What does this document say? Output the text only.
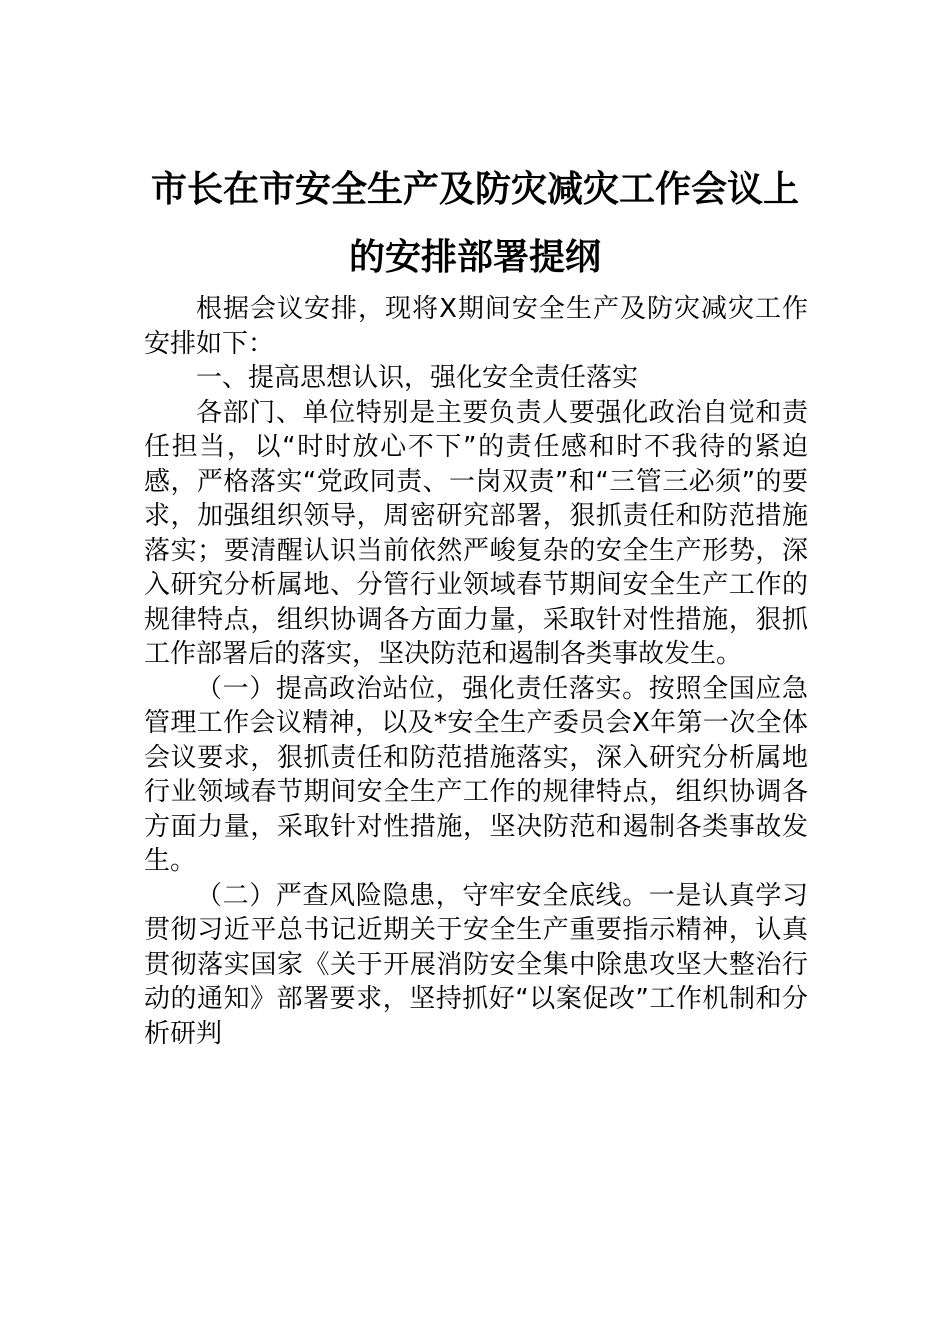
市长在市安全生产及防灾减灾工作会议上
的安排部署提纲

根据会议安排，现将X期间安全生产及防灾减灾工作安排如下：

一、提高思想认识，强化安全责任落实

各部门、单位特别是主要负责人要强化政治自觉和责任担当，以“时时放心不下”的责任感和时不我待的紧迫感，严格落实“党政同责、一岗双责”和“三管三必须”的要求，加强组织领导，周密研究部署，狠抓责任和防范措施落实；要清醒认识当前依然严峻复杂的安全生产形势，深入研究分析属地、分管行业领域春节期间安全生产工作的规律特点，组织协调各方面力量，采取针对性措施，狠抓工作部署后的落实，坚决防范和遏制各类事故发生。

（一）提高政治站位，强化责任落实。按照全国应急管理工作会议精神，以及*安全生产委员会X年第一次全体会议要求，狠抓责任和防范措施落实，深入研究分析属地行业领域春节期间安全生产工作的规律特点，组织协调各方面力量，采取针对性措施，坚决防范和遏制各类事故发生。

（二）严查风险隐患，守牢安全底线。一是认真学习贯彻习近平总书记近期关于安全生产重要指示精神，认真贯彻落实国家《关于开展消防安全集中除患攻坚大整治行动的通知》部署要求，坚持抓好“以案促改”工作机制和分析研判
